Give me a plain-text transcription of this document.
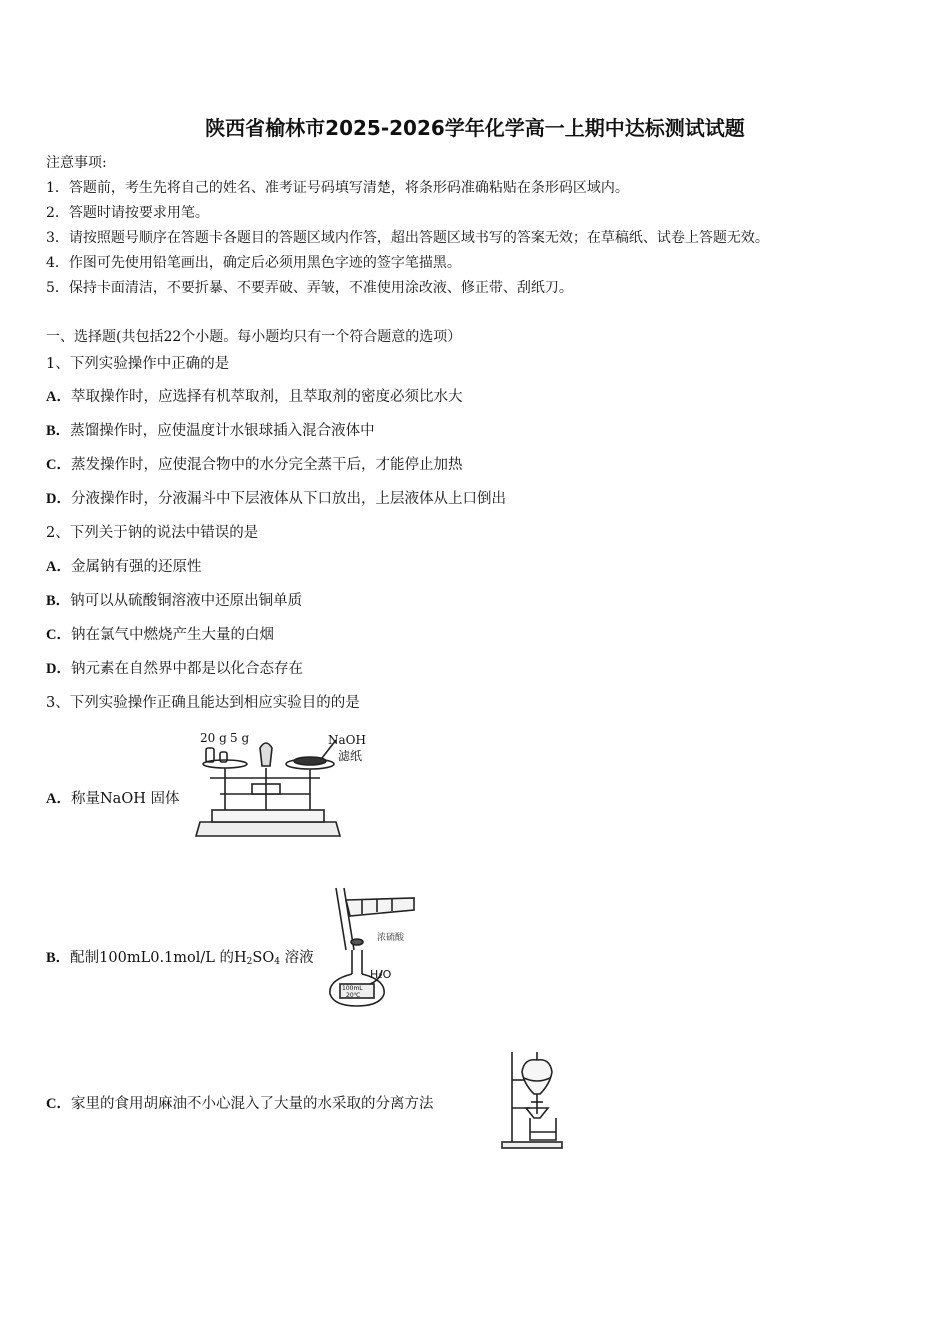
陕西省榆林市2025-2026学年化学高一上期中达标测试试题
注意事项:
1．答题前，考生先将自己的姓名、准考证号码填写清楚，将条形码准确粘贴在条形码区域内。
2．答题时请按要求用笔。
3．请按照题号顺序在答题卡各题目的答题区域内作答，超出答题区域书写的答案无效；在草稿纸、试卷上答题无效。
4．作图可先使用铅笔画出，确定后必须用黑色字迹的签字笔描黑。
5．保持卡面清洁，不要折暴、不要弄破、弄皱，不准使用涂改液、修正带、刮纸刀。
一、选择题(共包括22个小题。每小题均只有一个符合题意的选项）
1、下列实验操作中正确的是
A．萃取操作时，应选择有机萃取剂，且萃取剂的密度必须比水大
B．蒸馏操作时，应使温度计水银球插入混合液体中
C．蒸发操作时，应使混合物中的水分完全蒸干后，才能停止加热
D．分液操作时，分液漏斗中下层液体从下口放出，上层液体从上口倒出
2、下列关于钠的说法中错误的是
A．金属钠有强的还原性
B．钠可以从硫酸铜溶液中还原出铜单质
C．钠在氯气中燃烧产生大量的白烟
D．钠元素在自然界中都是以化合态存在
3、下列实验操作正确且能达到相应实验目的的是
A．称量NaOH 固体
20 g 5 g	NaOH
滤纸
B．配制100mL0.1mol/L 的$H_2SO_4$ 溶液
浓硫酸
H₂O
100mL
20℃
C．家里的食用胡麻油不小心混入了大量的水采取的分离方法
